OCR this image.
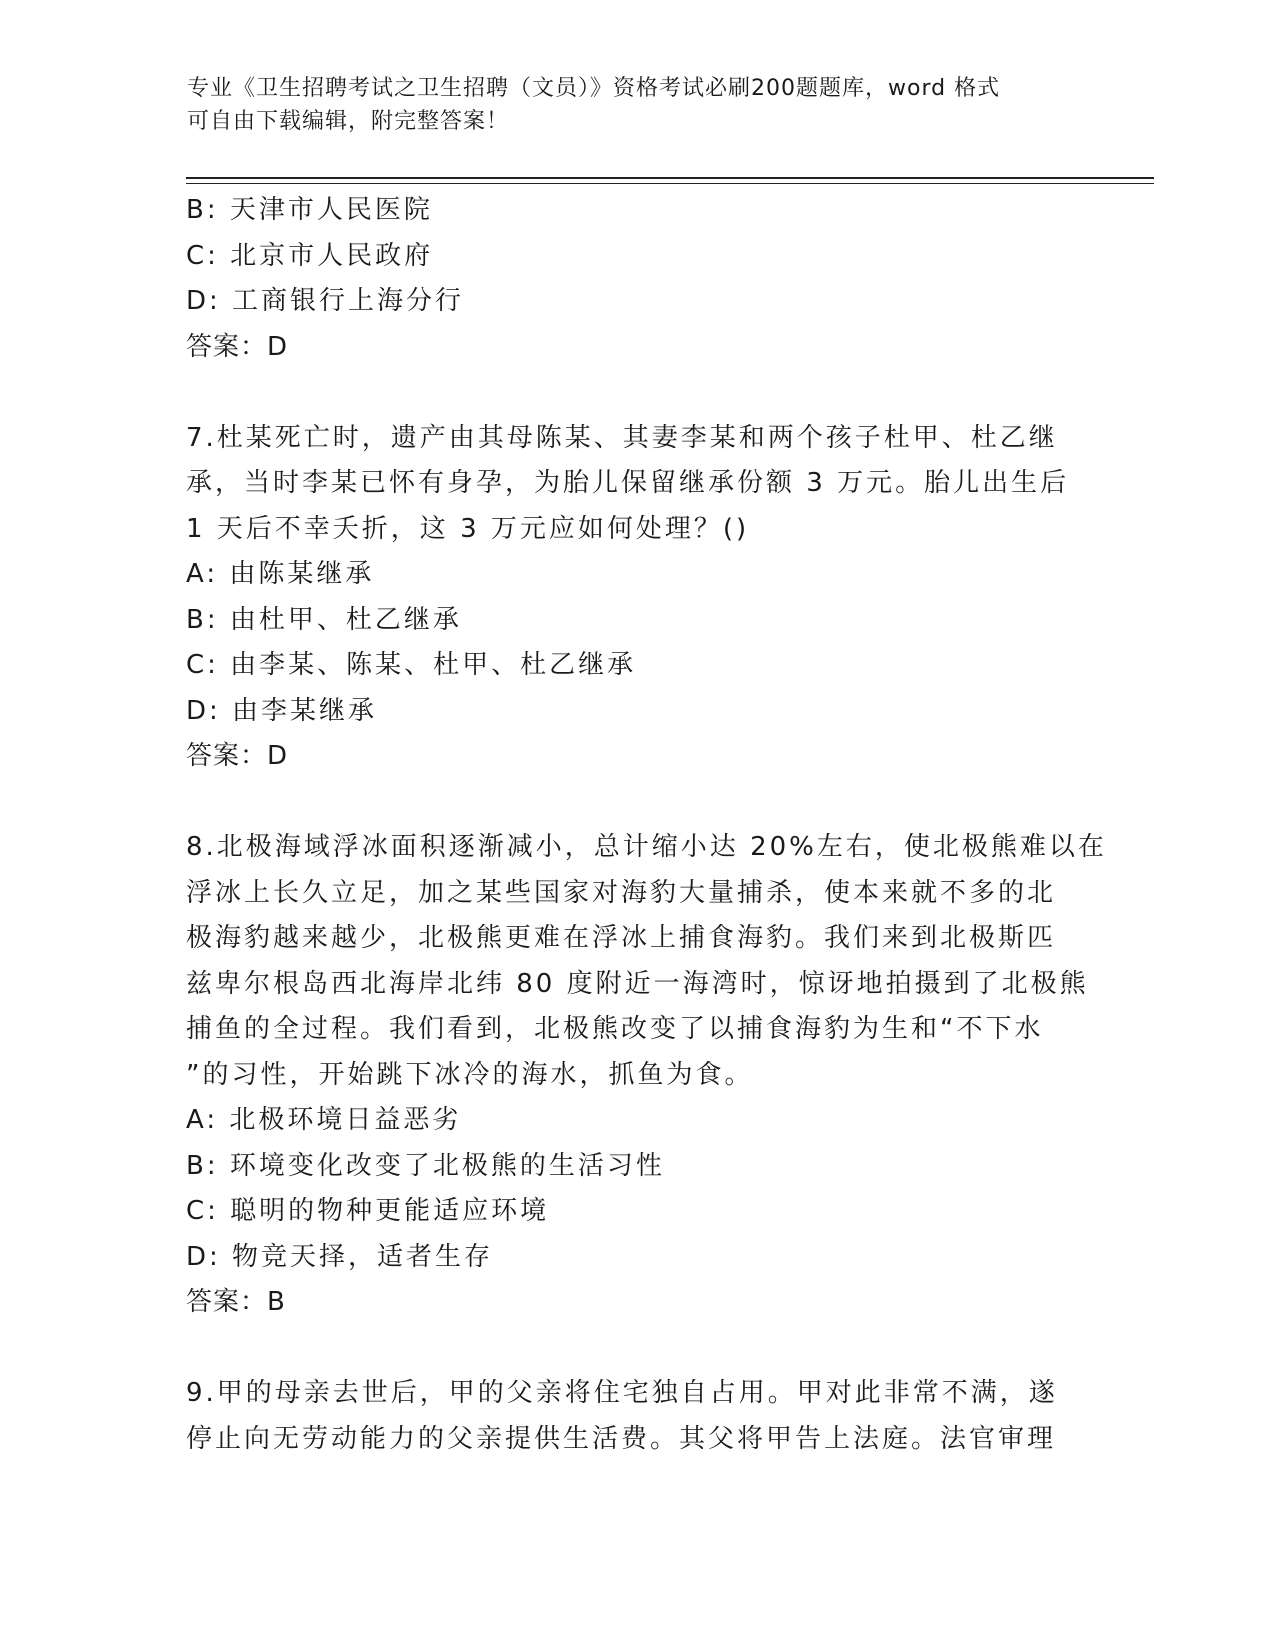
专业《卫生招聘考试之卫生招聘（文员）》资格考试必刷200题题库，word 格式
可自由下载编辑，附完整答案！
B: 天津市人民医院
C: 北京市人民政府
D: 工商银行上海分行
答案：D
7.杜某死亡时，遗产由其母陈某、其妻李某和两个孩子杜甲、杜乙继
承，当时李某已怀有身孕，为胎儿保留继承份额 3 万元。胎儿出生后
1 天后不幸夭折，这 3 万元应如何处理？()
A: 由陈某继承
B: 由杜甲、杜乙继承
C: 由李某、陈某、杜甲、杜乙继承
D: 由李某继承
答案：D
8.北极海域浮冰面积逐渐减小，总计缩小达 20%左右，使北极熊难以在
浮冰上长久立足，加之某些国家对海豹大量捕杀，使本来就不多的北
极海豹越来越少，北极熊更难在浮冰上捕食海豹。我们来到北极斯匹
兹卑尔根岛西北海岸北纬 80 度附近一海湾时，惊讶地拍摄到了北极熊
捕鱼的全过程。我们看到，北极熊改变了以捕食海豹为生和“不下水
”的习性，开始跳下冰冷的海水，抓鱼为食。
A: 北极环境日益恶劣
B: 环境变化改变了北极熊的生活习性
C: 聪明的物种更能适应环境
D: 物竞天择，适者生存
答案：B
9.甲的母亲去世后，甲的父亲将住宅独自占用。甲对此非常不满，遂
停止向无劳动能力的父亲提供生活费。其父将甲告上法庭。法官审理
